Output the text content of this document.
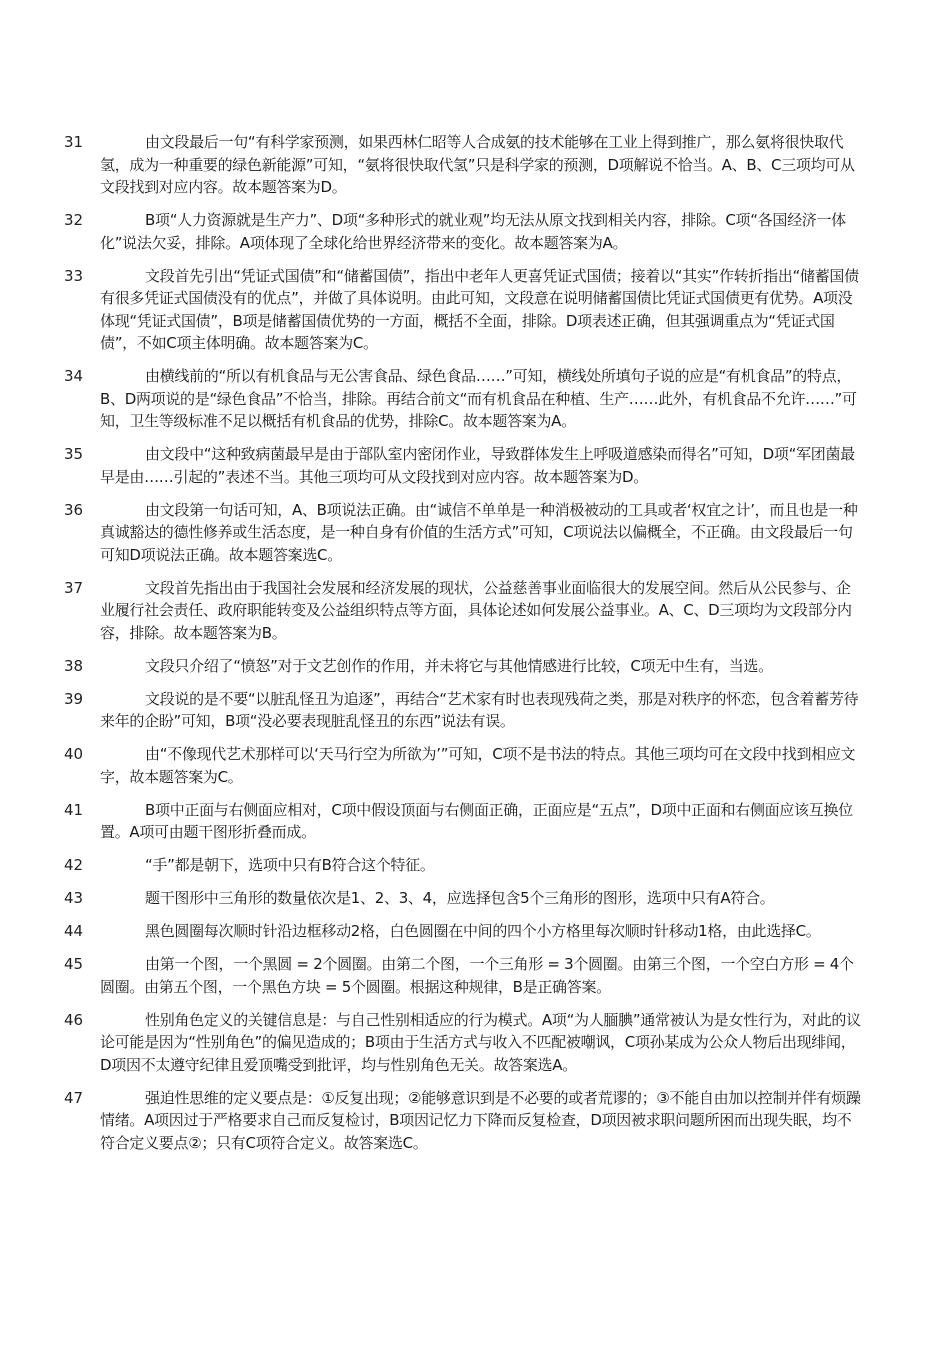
31	由文段最后一句“有科学家预测，如果西林仁昭等人合成氨的技术能够在工业上得到推广，那么氨将很快取代氢，成为一种重要的绿色新能源”可知，“氨将很快取代氢”只是科学家的预测，D项解说不恰当。A、B、C三项均可从文段找到对应内容。故本题答案为D。
32	B项“人力资源就是生产力”、D项“多种形式的就业观”均无法从原文找到相关内容，排除。C项“各国经济一体化”说法欠妥，排除。A项体现了全球化给世界经济带来的变化。故本题答案为A。
33	文段首先引出“凭证式国债”和“储蓄国债”，指出中老年人更喜凭证式国债；接着以“其实”作转折指出“储蓄国债有很多凭证式国债没有的优点”，并做了具体说明。由此可知，文段意在说明储蓄国债比凭证式国债更有优势。A项没体现“凭证式国债”，B项是储蓄国债优势的一方面，概括不全面，排除。D项表述正确，但其强调重点为“凭证式国债”，不如C项主体明确。故本题答案为C。
34	由横线前的“所以有机食品与无公害食品、绿色食品……”可知，横线处所填句子说的应是“有机食品”的特点，B、D两项说的是“绿色食品”不恰当，排除。再结合前文“而有机食品在种植、生产……此外，有机食品不允许……”可知，卫生等级标准不足以概括有机食品的优势，排除C。故本题答案为A。
35	由文段中“这种致病菌最早是由于部队室内密闭作业，导致群体发生上呼吸道感染而得名”可知，D项“军团菌最早是由……引起的”表述不当。其他三项均可从文段找到对应内容。故本题答案为D。
36	由文段第一句话可知，A、B项说法正确。由“诚信不单单是一种消极被动的工具或者‘权宜之计’，而且也是一种真诚豁达的德性修养或生活态度，是一种自身有价值的生活方式”可知，C项说法以偏概全，不正确。由文段最后一句可知D项说法正确。故本题答案选C。
37	文段首先指出由于我国社会发展和经济发展的现状，公益慈善事业面临很大的发展空间。然后从公民参与、企业履行社会责任、政府职能转变及公益组织特点等方面，具体论述如何发展公益事业。A、C、D三项均为文段部分内容，排除。故本题答案为B。
38	文段只介绍了“愤怒”对于文艺创作的作用，并未将它与其他情感进行比较，C项无中生有，当选。
39	文段说的是不要“以脏乱怪丑为追逐”，再结合“艺术家有时也表现残荷之类，那是对秩序的怀恋，包含着蓄芳待来年的企盼”可知，B项“没必要表现脏乱怪丑的东西”说法有误。
40	由“不像现代艺术那样可以‘天马行空为所欲为’”可知，C项不是书法的特点。其他三项均可在文段中找到相应文字，故本题答案为C。
41	B项中正面与右侧面应相对，C项中假设顶面与右侧面正确，正面应是“五点”，D项中正面和右侧面应该互换位置。A项可由题干图形折叠而成。
42	“手”都是朝下，选项中只有B符合这个特征。
43	题干图形中三角形的数量依次是1、2、3、4，应选择包含5个三角形的图形，选项中只有A符合。
44	黑色圆圈每次顺时针沿边框移动2格，白色圆圈在中间的四个小方格里每次顺时针移动1格，由此选择C。
45	由第一个图，一个黑圆 = 2个圆圈。由第二个图，一个三角形 = 3个圆圈。由第三个图，一个空白方形 = 4个圆圈。由第五个图，一个黑色方块 = 5个圆圈。根据这种规律，B是正确答案。
46	性别角色定义的关键信息是：与自己性别相适应的行为模式。A项“为人腼腆”通常被认为是女性行为，对此的议论可能是因为“性别角色”的偏见造成的；B项由于生活方式与收入不匹配被嘲讽，C项孙某成为公众人物后出现绯闻，D项因不太遵守纪律且爱顶嘴受到批评，均与性别角色无关。故答案选A。
47	强迫性思维的定义要点是：①反复出现；②能够意识到是不必要的或者荒谬的；③不能自由加以控制并伴有烦躁情绪。A项因过于严格要求自己而反复检讨，B项因记忆力下降而反复检查，D项因被求职问题所困而出现失眠，均不符合定义要点②；只有C项符合定义。故答案选C。
